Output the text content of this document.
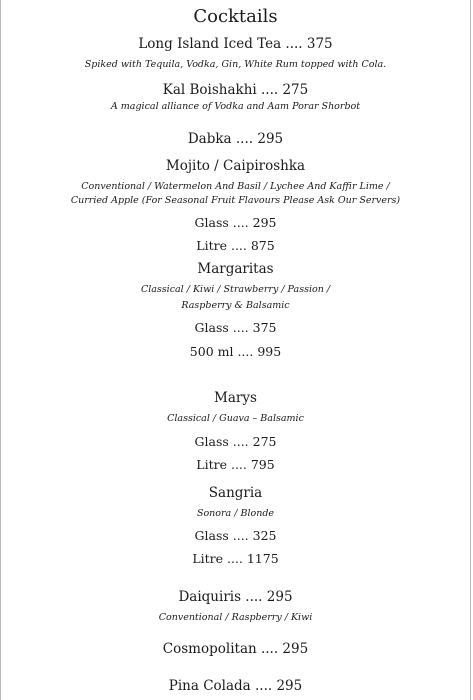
Cocktails
Long Island Iced Tea .... 375
Spiked with Tequila, Vodka, Gin, White Rum topped with Cola.
Kal Boishakhi .... 275
A magical alliance of Vodka and Aam Porar Shorbot
Dabka .... 295
Mojito / Caipiroshka
Conventional / Watermelon And Basil / Lychee And Kaffir Lime /
Curried Apple (For Seasonal Fruit Flavours Please Ask Our Servers)
Glass .... 295
Litre .... 875
Margaritas
Classical / Kiwi / Strawberry / Passion /
Raspberry & Balsamic
Glass .... 375
500 ml .... 995
Marys
Classical / Guava – Balsamic
Glass .... 275
Litre .... 795
Sangria
Sonora / Blonde
Glass .... 325
Litre .... 1175
Daiquiris .... 295
Conventional / Raspberry / Kiwi
Cosmopolitan .... 295
Pina Colada .... 295
